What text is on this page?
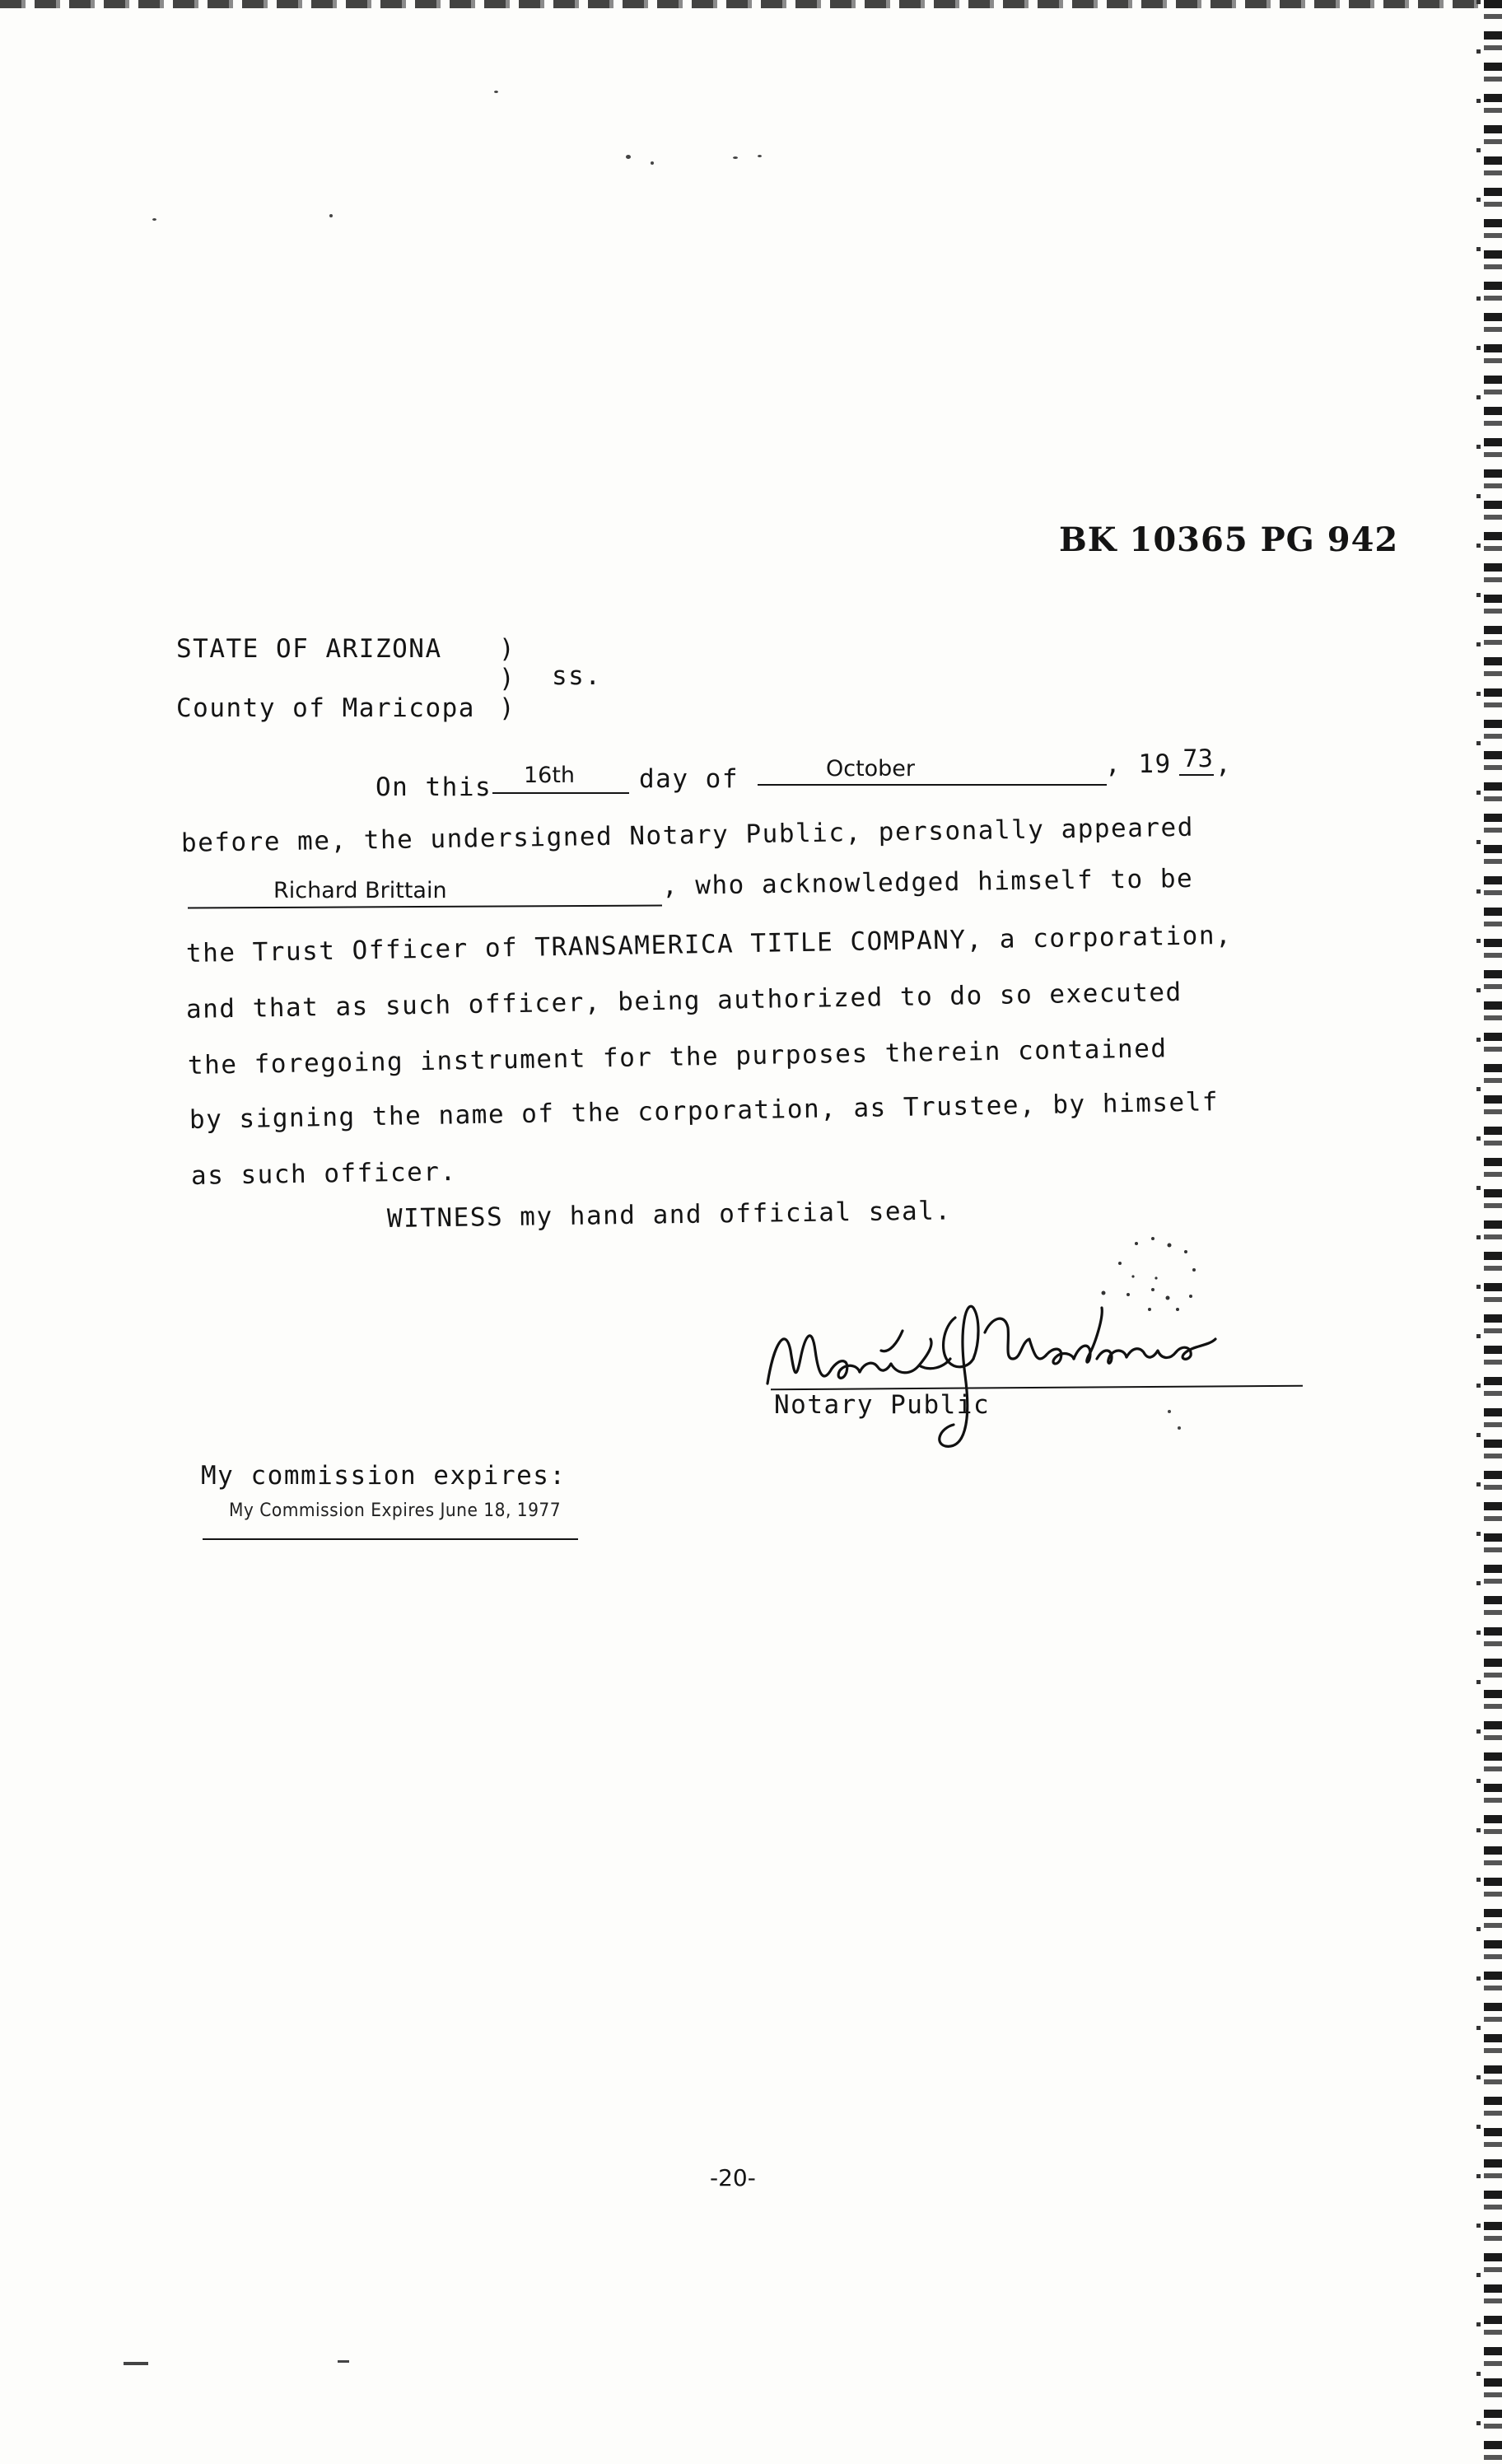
BK 10365 PG 942
STATE OF ARIZONA
County of Maricopa
)
)
)
ss.
On this	16th	day of	October	, 19 73 ,
before me, the undersigned Notary Public, personally appeared
Richard Brittain	, who acknowledged himself to be
the Trust Officer of TRANSAMERICA TITLE COMPANY, a corporation,
and that as such officer, being authorized to do so executed
the foregoing instrument for the purposes therein contained
by signing the name of the corporation, as Trustee, by himself
as such officer.
WITNESS my hand and official seal.
Notary Public
My commission expires:
My Commission Expires June 18, 1977
-20-
